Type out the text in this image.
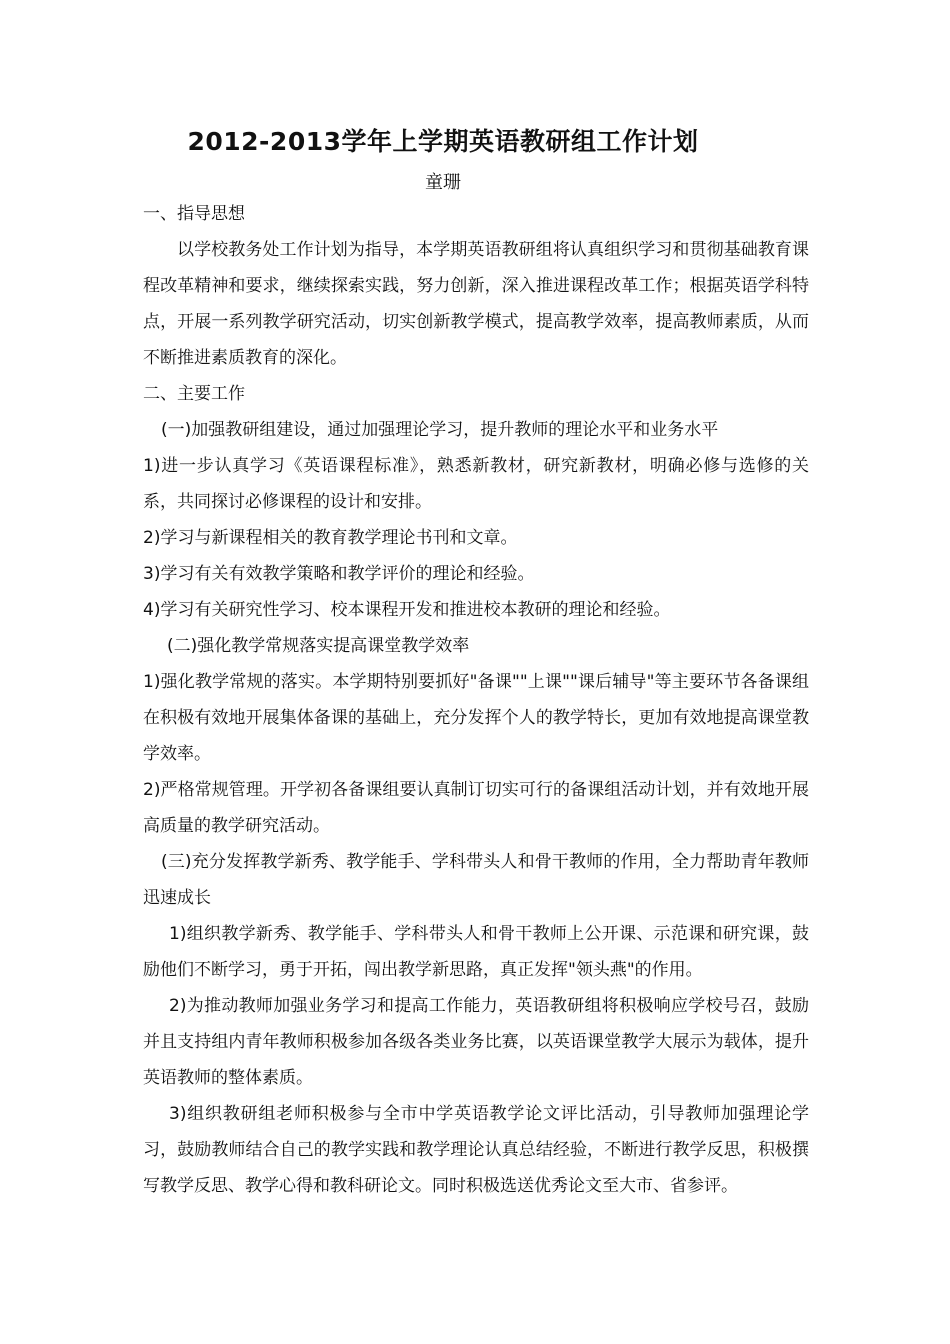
2012-2013学年上学期英语教研组工作计划
童珊

一、指导思想

以学校教务处工作计划为指导，本学期英语教研组将认真组织学习和贯彻基础教育课程改革精神和要求，继续探索实践，努力创新，深入推进课程改革工作；根据英语学科特点，开展一系列教学研究活动，切实创新教学模式，提高教学效率，提高教师素质，从而不断推进素质教育的深化。

二、主要工作

(一)加强教研组建设，通过加强理论学习，提升教师的理论水平和业务水平

1)进一步认真学习《英语课程标准》，熟悉新教材，研究新教材，明确必修与选修的关系，共同探讨必修课程的设计和安排。

2)学习与新课程相关的教育教学理论书刊和文章。

3)学习有关有效教学策略和教学评价的理论和经验。

4)学习有关研究性学习、校本课程开发和推进校本教研的理论和经验。

(二)强化教学常规落实提高课堂教学效率

1)强化教学常规的落实。本学期特别要抓好"备课""上课""课后辅导"等主要环节各备课组在积极有效地开展集体备课的基础上，充分发挥个人的教学特长，更加有效地提高课堂教学效率。

2)严格常规管理。开学初各备课组要认真制订切实可行的备课组活动计划，并有效地开展高质量的教学研究活动。

(三)充分发挥教学新秀、教学能手、学科带头人和骨干教师的作用，全力帮助青年教师迅速成长

1)组织教学新秀、教学能手、学科带头人和骨干教师上公开课、示范课和研究课，鼓励他们不断学习，勇于开拓，闯出教学新思路，真正发挥"领头燕"的作用。

2)为推动教师加强业务学习和提高工作能力，英语教研组将积极响应学校号召，鼓励并且支持组内青年教师积极参加各级各类业务比赛，以英语课堂教学大展示为载体，提升英语教师的整体素质。

3)组织教研组老师积极参与全市中学英语教学论文评比活动，引导教师加强理论学习，鼓励教师结合自己的教学实践和教学理论认真总结经验，不断进行教学反思，积极撰写教学反思、教学心得和教科研论文。同时积极选送优秀论文至大市、省参评。
